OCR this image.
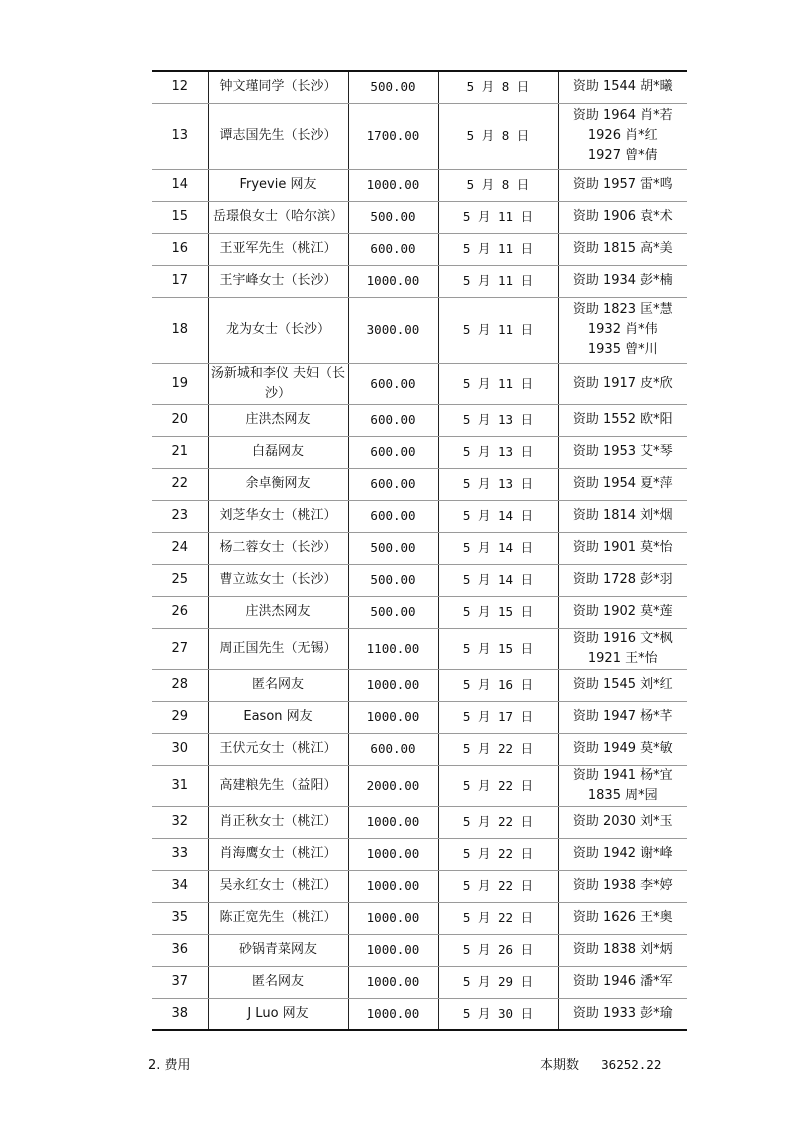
12	钟文瑾同学（长沙）	500.00	5 月 8 日	资助 1544 胡*曦
13	谭志国先生（长沙）	1700.00	5 月 8 日	资助 1964 肖*若
1926 肖*红
1927 曾*倩
14	Fryevie 网友	1000.00	5 月 8 日	资助 1957 雷*鸣
15	岳璟俍女士（哈尔滨）	500.00	5 月 11 日	资助 1906 袁*术
16	王亚军先生（桃江）	600.00	5 月 11 日	资助 1815 高*美
17	王宇峰女士（长沙）	1000.00	5 月 11 日	资助 1934 彭*楠
18	龙为女士（长沙）	3000.00	5 月 11 日	资助 1823 匡*慧
1932 肖*伟
1935 曾*川
19	汤新城和李仪 夫妇（长沙）	600.00	5 月 11 日	资助 1917 皮*欣
20	庄洪杰网友	600.00	5 月 13 日	资助 1552 欧*阳
21	白磊网友	600.00	5 月 13 日	资助 1953 艾*琴
22	余卓衡网友	600.00	5 月 13 日	资助 1954 夏*萍
23	刘芝华女士（桃江）	600.00	5 月 14 日	资助 1814 刘*烟
24	杨二蓉女士（长沙）	500.00	5 月 14 日	资助 1901 莫*怡
25	曹立竑女士（长沙）	500.00	5 月 14 日	资助 1728 彭*羽
26	庄洪杰网友	500.00	5 月 15 日	资助 1902 莫*莲
27	周正国先生（无锡）	1100.00	5 月 15 日	资助 1916 文*枫
1921 王*怡
28	匿名网友	1000.00	5 月 16 日	资助 1545 刘*红
29	Eason 网友	1000.00	5 月 17 日	资助 1947 杨*芊
30	王伏元女士（桃江）	600.00	5 月 22 日	资助 1949 莫*敏
31	高建粮先生（益阳）	2000.00	5 月 22 日	资助 1941 杨*宜
1835 周*园
32	肖正秋女士（桃江）	1000.00	5 月 22 日	资助 2030 刘*玉
33	肖海鹰女士（桃江）	1000.00	5 月 22 日	资助 1942 谢*峰
34	吴永红女士（桃江）	1000.00	5 月 22 日	资助 1938 李*婷
35	陈正宽先生（桃江）	1000.00	5 月 22 日	资助 1626 王*奥
36	砂锅青菜网友	1000.00	5 月 26 日	资助 1838 刘*炳
37	匿名网友	1000.00	5 月 29 日	资助 1946 潘*军
38	J Luo 网友	1000.00	5 月 30 日	资助 1933 彭*瑜
2. 费用	本期数 36252.22
